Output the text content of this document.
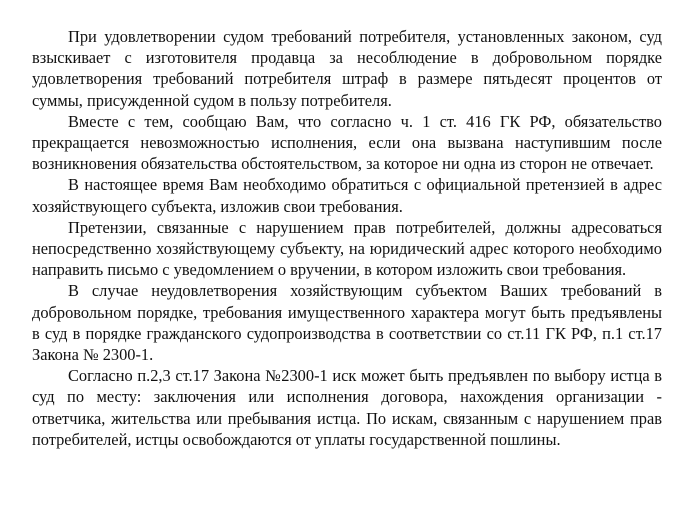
При удовлетворении судом требований потребителя, установленных законом, суд взыскивает с изготовителя продавца за несоблюдение в добровольном порядке удовлетворения требований потребителя штраф в размере пятьдесят процентов от суммы, присужденной судом в пользу потребителя.

Вместе с тем, сообщаю Вам, что согласно ч. 1 ст. 416 ГК РФ, обязательство прекращается невозможностью исполнения, если она вызвана наступившим после возникновения обязательства обстоятельством, за которое ни одна из сторон не отвечает.

В настоящее время Вам необходимо обратиться с официальной претензией в адрес хозяйствующего субъекта, изложив свои требования.

Претензии, связанные с нарушением прав потребителей, должны адресоваться непосредственно хозяйствующему субъекту, на юридический адрес которого необходимо направить письмо с уведомлением о вручении, в котором изложить свои требования.

В случае неудовлетворения хозяйствующим субъектом Ваших требований в добровольном порядке, требования имущественного характера могут быть предъявлены в суд в порядке гражданского судопроизводства в соответствии со ст.11 ГК РФ, п.1 ст.17 Закона № 2300-1.

Согласно п.2,3 ст.17 Закона №2300-1 иск может быть предъявлен по выбору истца в суд по месту: заключения или исполнения договора, нахождения организации - ответчика, жительства или пребывания истца. По искам, связанным с нарушением прав потребителей, истцы освобождаются от уплаты государственной пошлины.
